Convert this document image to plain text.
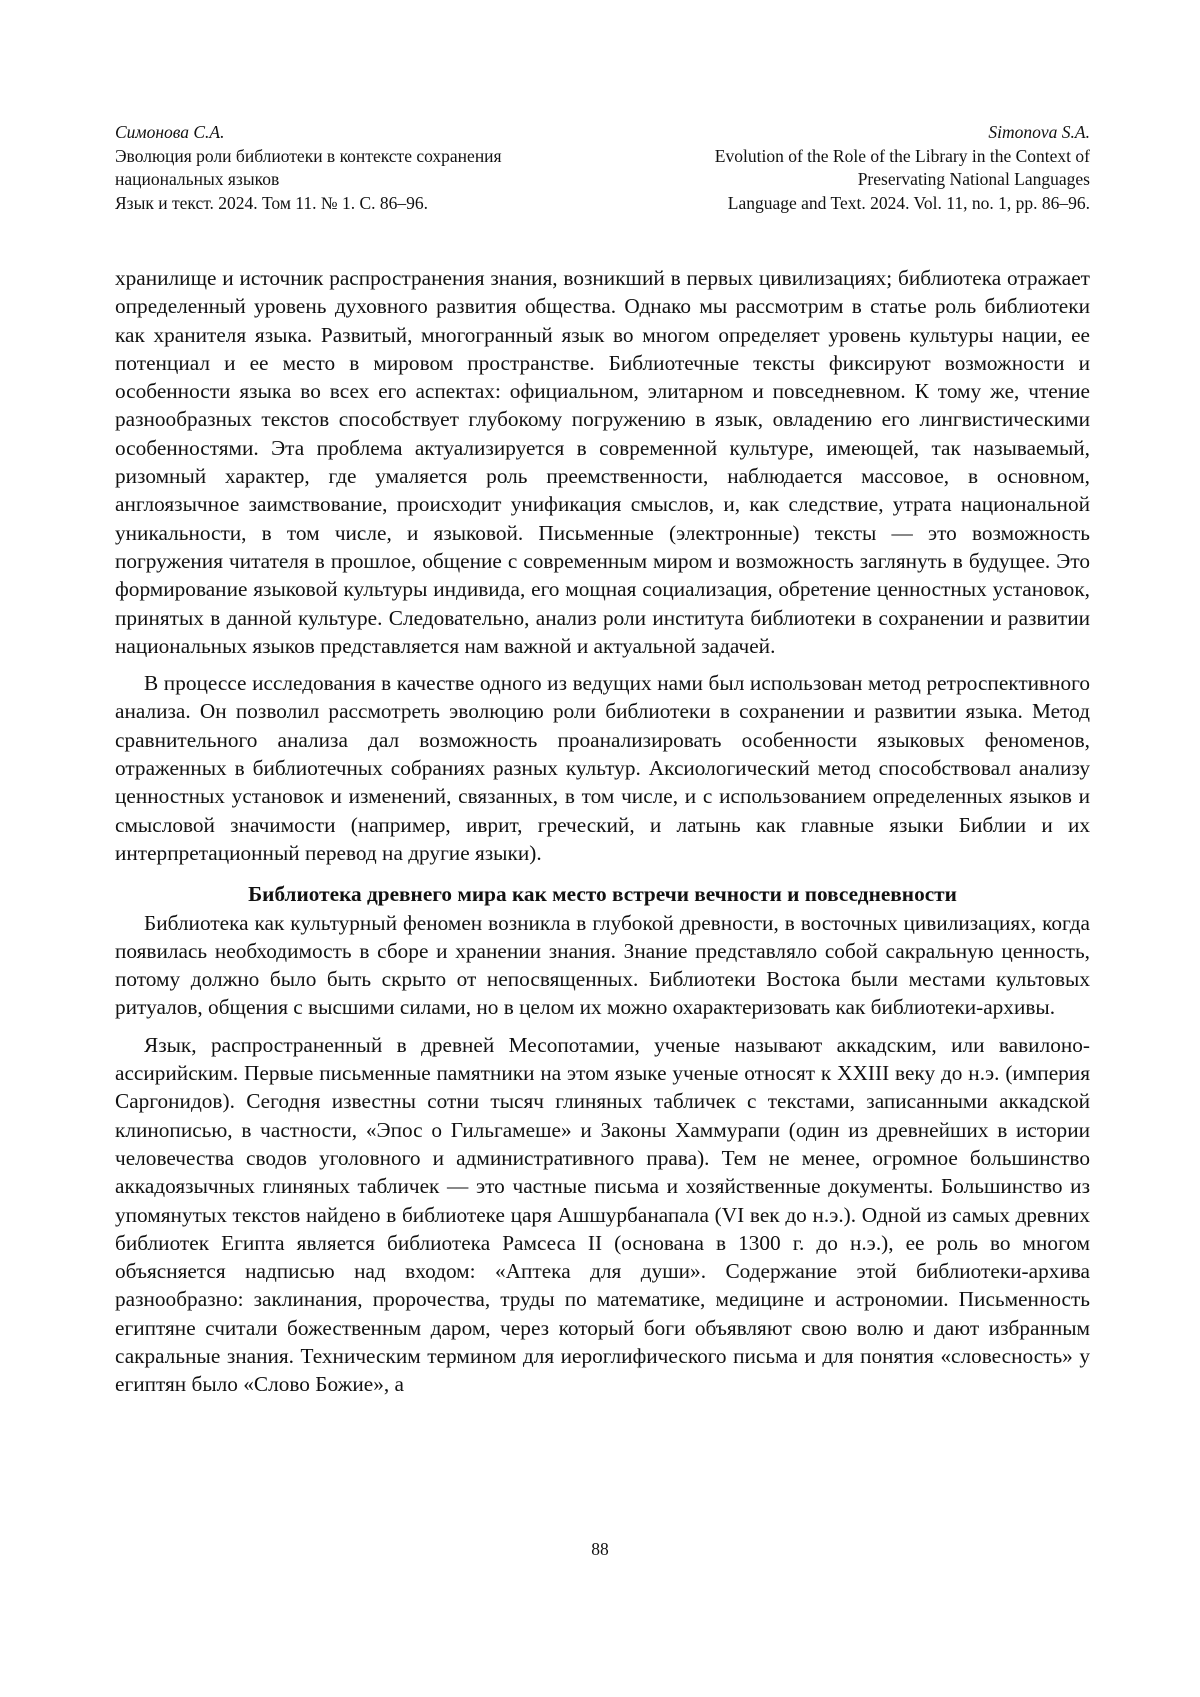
Симонова С.А.
Эволюция роли библиотеки в контексте сохранения
национальных языков
Язык и текст. 2024. Том 11. № 1. С. 86–96.
Simonova S.A.
Evolution of the Role of the Library in the Context of
Preservating National Languages
Language and Text. 2024. Vol. 11, no. 1, pp. 86–96.

хранилище и источник распространения знания, возникший в первых цивилизациях; библиотека отражает определенный уровень духовного развития общества. Однако мы рассмотрим в статье роль библиотеки как хранителя языка. Развитый, многогранный язык во многом определяет уровень культуры нации, ее потенциал и ее место в мировом пространстве. Библиотечные тексты фиксируют возможности и особенности языка во всех его аспектах: официальном, элитарном и повседневном. К тому же, чтение разнообразных текстов способствует глубокому погружению в язык, овладению его лингвистическими особенностями. Эта проблема актуализируется в современной культуре, имеющей, так называемый, ризомный характер, где умаляется роль преемственности, наблюдается массовое, в основном, англоязычное заимствование, происходит унификация смыслов, и, как следствие, утрата национальной уникальности, в том числе, и языковой. Письменные (электронные) тексты — это возможность погружения читателя в прошлое, общение с современным миром и возможность заглянуть в будущее. Это формирование языковой культуры индивида, его мощная социализация, обретение ценностных установок, принятых в данной культуре. Следовательно, анализ роли института библиотеки в сохранении и развитии национальных языков представляется нам важной и актуальной задачей.

В процессе исследования в качестве одного из ведущих нами был использован метод ретроспективного анализа. Он позволил рассмотреть эволюцию роли библиотеки в сохранении и развитии языка. Метод сравнительного анализа дал возможность проанализировать особенности языковых феноменов, отраженных в библиотечных собраниях разных культур. Аксиологический метод способствовал анализу ценностных установок и изменений, связанных, в том числе, и с использованием определенных языков и смысловой значимости (например, иврит, греческий, и латынь как главные языки Библии и их интерпретационный перевод на другие языки).

Библиотека древнего мира как место встречи вечности и повседневности

Библиотека как культурный феномен возникла в глубокой древности, в восточных цивилизациях, когда появилась необходимость в сборе и хранении знания. Знание представляло собой сакральную ценность, потому должно было быть скрыто от непосвященных. Библиотеки Востока были местами культовых ритуалов, общения с высшими силами, но в целом их можно охарактеризовать как библиотеки-архивы.

Язык, распространенный в древней Месопотамии, ученые называют аккадским, или вавилоно-ассирийским. Первые письменные памятники на этом языке ученые относят к XXIII веку до н.э. (империя Саргонидов). Сегодня известны сотни тысяч глиняных табличек с текстами, записанными аккадской клинописью, в частности, «Эпос о Гильгамеше» и Законы Хаммурапи (один из древнейших в истории человечества сводов уголовного и административного права). Тем не менее, огромное большинство аккадоязычных глиняных табличек — это частные письма и хозяйственные документы. Большинство из упомянутых текстов найдено в библиотеке царя Ашшурбанапала (VI век до н.э.). Одной из самых древних библиотек Египта является библиотека Рамсеса II (основана в 1300 г. до н.э.), ее роль во многом объясняется надписью над входом: «Аптека для души». Содержание этой библиотеки-архива разнообразно: заклинания, пророчества, труды по математике, медицине и астрономии. Письменность египтяне считали божественным даром, через который боги объявляют свою волю и дают избранным сакральные знания. Техническим термином для иероглифического письма и для понятия «словесность» у египтян было «Слово Божие», а

88
